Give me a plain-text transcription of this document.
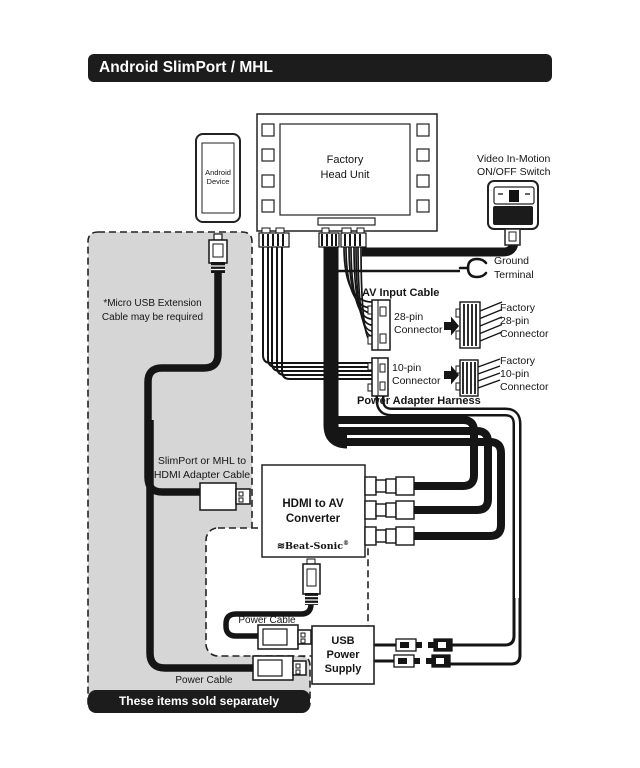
Android SlimPort / MHL
Video In-Motion
ON/OFF Switch
Android
Device
Factory
Head Unit
Ground
Terminal
AV Input Cable
28-pin
Connector
Factory
28-pin
Connector
10-pin
Connector
Factory
10-pin
Connector
Power Adapter Harness
*Micro USB Extension
Cable may be required
SlimPort or MHL to
HDMI Adapter Cable
HDMI to AV
Converter
≋Beat-Sonic®
Power Cable
Power Cable
USB
Power
Supply
These items sold separately
